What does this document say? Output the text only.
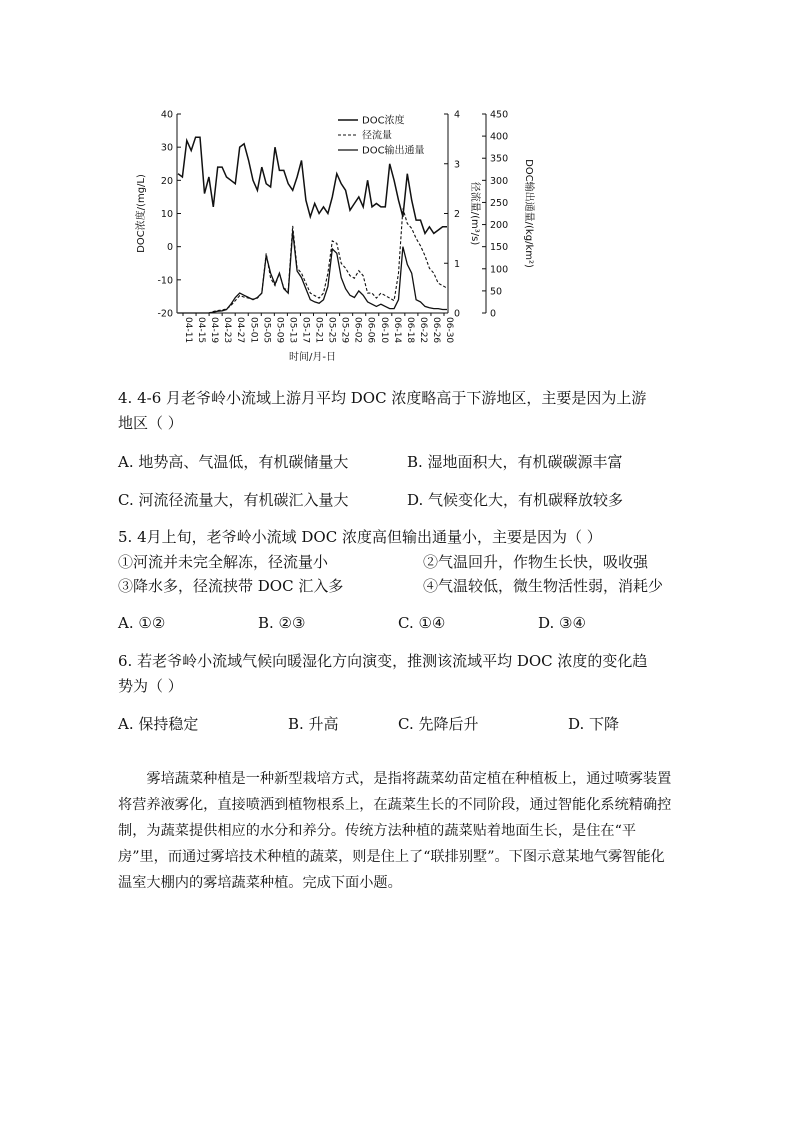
40
30
20
10
0
-10
-20
4
3
2
1
0
450
400
350
300
250
200
150
100
50
0
DOC浓度/(mg/L)	径流量/(m³/s)	DOC输出通量/(kg/km²)
04-11 04-15 04-19 04-23 04-27 05-01 05-05 05-09 05-13 05-17 05-21 05-25 05-29 06-02 06-06 06-10 06-14 06-18 06-22 06-26 06-30
时间/月-日
DOC浓度
径流量
DOC输出通量
4. 4-6 月老爷岭小流域上游月平均 DOC 浓度略高于下游地区，主要是因为上游
地区（ ）
A. 地势高、气温低，有机碳储量大	B. 湿地面积大，有机碳碳源丰富
C. 河流径流量大，有机碳汇入量大	D. 气候变化大，有机碳释放较多
5. 4月上旬，老爷岭小流域 DOC 浓度高但输出通量小，主要是因为（ ）
①河流并未完全解冻，径流量小	②气温回升，作物生长快，吸收强
③降水多，径流挟带 DOC 汇入多	④气温较低，微生物活性弱，消耗少
A. ①②	B. ②③	C. ①④	D. ③④
6. 若老爷岭小流域气候向暖湿化方向演变，推测该流域平均 DOC 浓度的变化趋
势为（ ）
A. 保持稳定	B. 升高	C. 先降后升	D. 下降
雾培蔬菜种植是一种新型栽培方式，是指将蔬菜幼苗定植在种植板上，通过喷雾装置将营养液雾化，直接喷洒到植物根系上，在蔬菜生长的不同阶段，通过智能化系统精确控制，为蔬菜提供相应的水分和养分。传统方法种植的蔬菜贴着地面生长，是住在“平房”里，而通过雾培技术种植的蔬菜，则是住上了“联排别墅”。下图示意某地气雾智能化温室大棚内的雾培蔬菜种植。完成下面小题。
